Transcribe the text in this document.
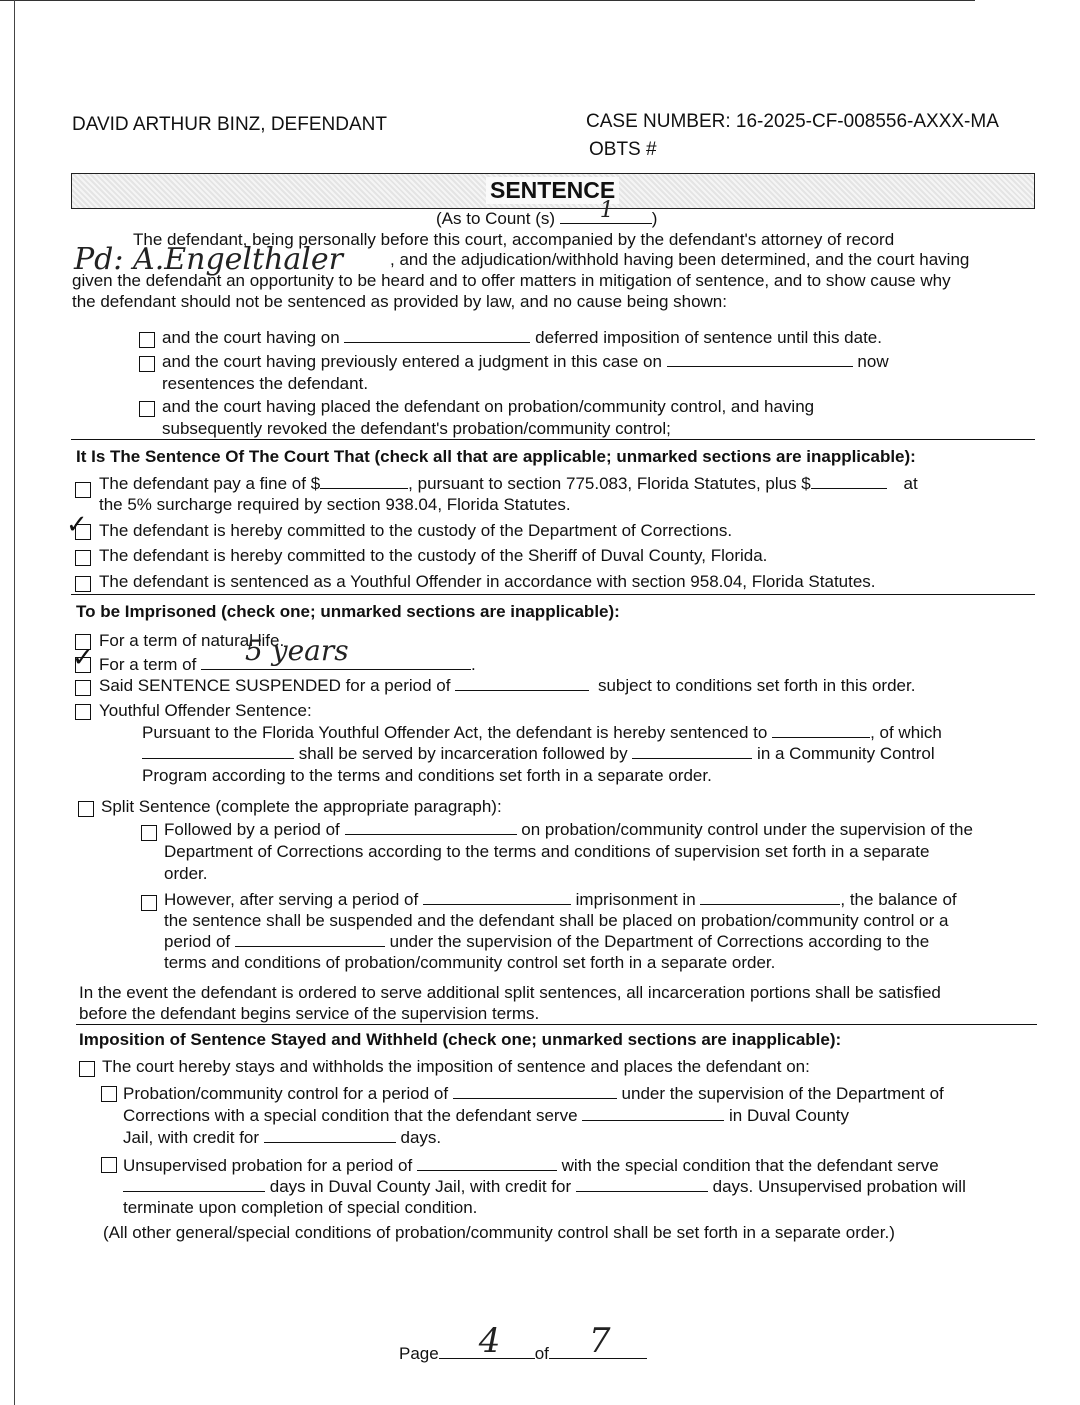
DAVID ARTHUR BINZ, DEFENDANT	CASE NUMBER: 16-2025-CF-008556-AXXX-MA
OBTS #
SENTENCE
(As to Count (s) 1 )
The defendant, being personally before this court, accompanied by the defendant's attorney of record
Pd: A.Engelthaler	, and the adjudication/withhold having been determined, and the court having
given the defendant an opportunity to be heard and to offer matters in mitigation of sentence, and to show cause why
the defendant should not be sentenced as provided by law, and no cause being shown:
and the court having on	deferred imposition of sentence until this date.
and the court having previously entered a judgment in this case on	now
resentences the defendant.
and the court having placed the defendant on probation/community control, and having
subsequently revoked the defendant's probation/community control;
It Is The Sentence Of The Court That (check all that are applicable; unmarked sections are inapplicable):
The defendant pay a fine of $	, pursuant to section 775.083, Florida Statutes, plus $	at
the 5% surcharge required by section 938.04, Florida Statutes.
✓ The defendant is hereby committed to the custody of the Department of Corrections.
The defendant is hereby committed to the custody of the Sheriff of Duval County, Florida.
The defendant is sentenced as a Youthful Offender in accordance with section 958.04, Florida Statutes.
To be Imprisoned (check one; unmarked sections are inapplicable):
For a term of natural life.
✓ For a term of 5 years	.
Said SENTENCE SUSPENDED for a period of	subject to conditions set forth in this order.
Youthful Offender Sentence:
Pursuant to the Florida Youthful Offender Act, the defendant is hereby sentenced to	, of which
shall be served by incarceration followed by	in a Community Control
Program according to the terms and conditions set forth in a separate order.
Split Sentence (complete the appropriate paragraph):
Followed by a period of	on probation/community control under the supervision of the
Department of Corrections according to the terms and conditions of supervision set forth in a separate
order.
However, after serving a period of	imprisonment in	, the balance of
the sentence shall be suspended and the defendant shall be placed on probation/community control or a
period of	under the supervision of the Department of Corrections according to the
terms and conditions of probation/community control set forth in a separate order.
In the event the defendant is ordered to serve additional split sentences, all incarceration portions shall be satisfied
before the defendant begins service of the supervision terms.
Imposition of Sentence Stayed and Withheld (check one; unmarked sections are inapplicable):
The court hereby stays and withholds the imposition of sentence and places the defendant on:
Probation/community control for a period of	under the supervision of the Department of
Corrections with a special condition that the defendant serve	in Duval County
Jail, with credit for	days.
Unsupervised probation for a period of	with the special condition that the defendant serve
days in Duval County Jail, with credit for	days. Unsupervised probation will
terminate upon completion of special condition.
(All other general/special conditions of probation/community control shall be set forth in a separate order.)
Page 4 of 7
